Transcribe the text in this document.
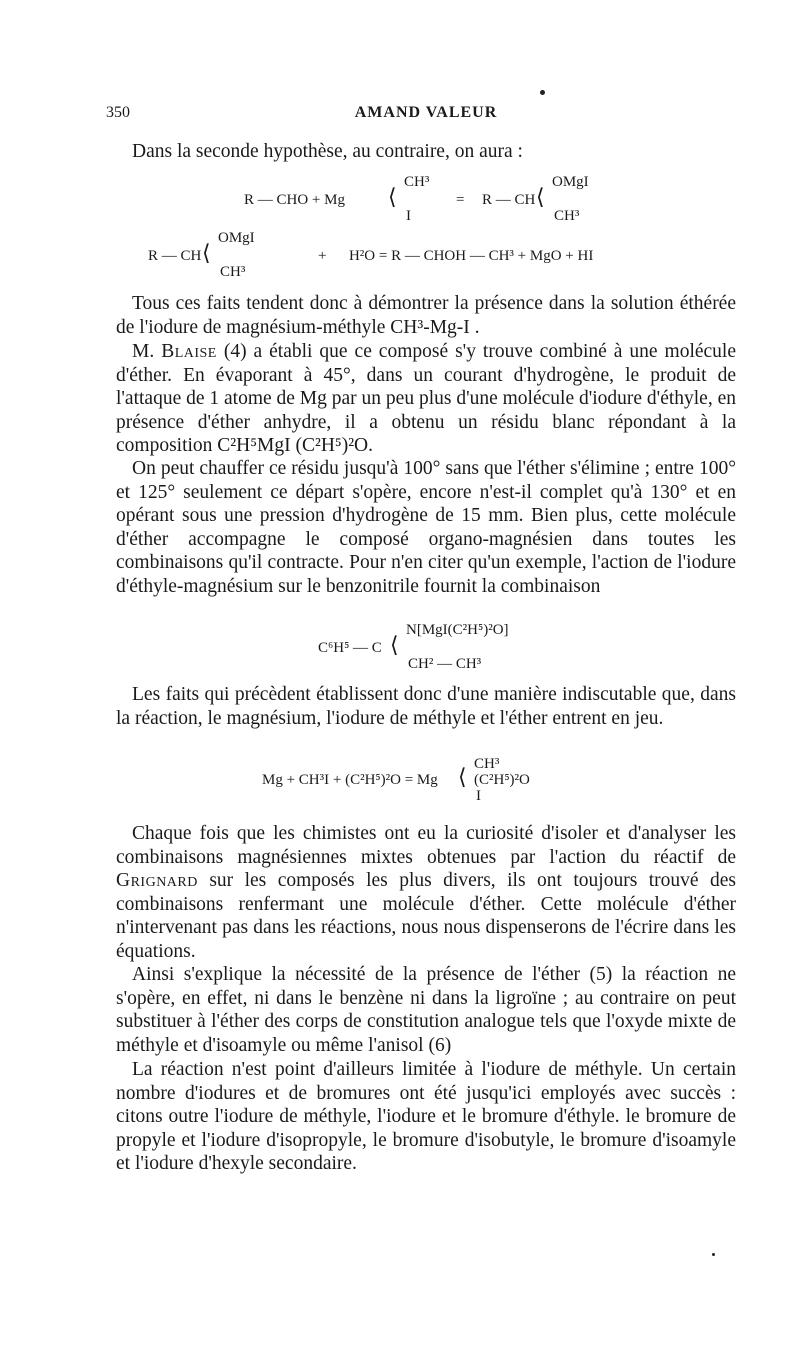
350	AMAND VALEUR
Dans la seconde hypothèse, au contraire, on aura :
R — CHO + Mg ⟨
CH³
I
= R — CH ⟨
OMgI
CH³
R — CH ⟨
OMgI
CH³
+      H²O = R — CHOH — CH³ + MgO + HI
Tous ces faits tendent donc à démontrer la présence dans la solution éthérée de l'iodure de magnésium-méthyle CH³-Mg-I .
M. Blaise (4) a établi que ce composé s'y trouve combiné à une molécule d'éther. En évaporant à 45°, dans un courant d'hydrogène, le produit de l'attaque de 1 atome de Mg par un peu plus d'une molécule d'iodure d'éthyle, en présence d'éther anhydre, il a obtenu un résidu blanc répondant à la composition C²H⁵MgI (C²H⁵)²O.
On peut chauffer ce résidu jusqu'à 100° sans que l'éther s'élimine ; entre 100° et 125° seulement ce départ s'opère, encore n'est-il complet qu'à 130° et en opérant sous une pression d'hydrogène de 15 mm. Bien plus, cette molécule d'éther accompagne le composé organo-magnésien dans toutes les combinaisons qu'il contracte. Pour n'en citer qu'un exemple, l'action de l'iodure d'éthyle-magnésium sur le benzonitrile fournit la combinaison
C⁶H⁵ — C ⟨
N[MgI(C²H⁵)²O]
CH² — CH³
Les faits qui précèdent établissent donc d'une manière indiscutable que, dans la réaction, le magnésium, l'iodure de méthyle et l'éther entrent en jeu.
Mg + CH³I + (C²H⁵)²O = Mg ⟨ CH³
(C²H⁵)²O
I
Chaque fois que les chimistes ont eu la curiosité d'isoler et d'analyser les combinaisons magnésiennes mixtes obtenues par l'action du réactif de Grignard sur les composés les plus divers, ils ont toujours trouvé des combinaisons renfermant une molécule d'éther. Cette molécule d'éther n'intervenant pas dans les réactions, nous nous dispenserons de l'écrire dans les équations.
Ainsi s'explique la nécessité de la présence de l'éther (5) la réaction ne s'opère, en effet, ni dans le benzène ni dans la ligroïne ; au contraire on peut substituer à l'éther des corps de constitution analogue tels que l'oxyde mixte de méthyle et d'isoamyle ou même l'anisol (6)
La réaction n'est point d'ailleurs limitée à l'iodure de méthyle. Un certain nombre d'iodures et de bromures ont été jusqu'ici employés avec succès : citons outre l'iodure de méthyle, l'iodure et le bromure d'éthyle. le bromure de propyle et l'iodure d'isopropyle, le bromure d'isobutyle, le bromure d'isoamyle et l'iodure d'hexyle secondaire.
